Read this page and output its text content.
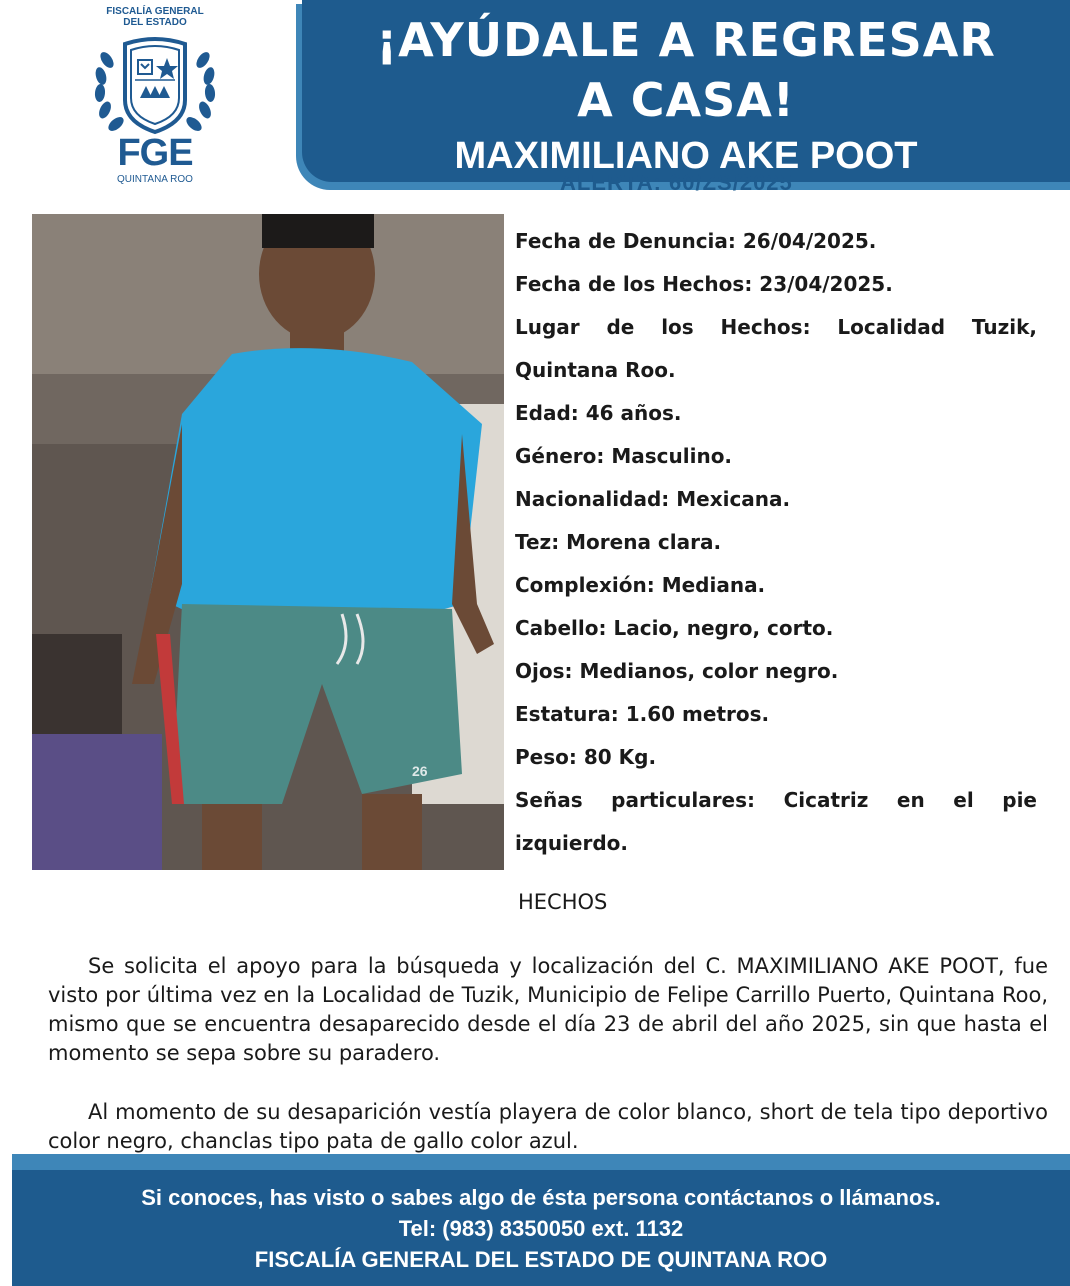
FISCALÍA GENERAL
DEL ESTADO
FGE
QUINTANA ROO
¡AYÚDALE A REGRESAR
A CASA!
MAXIMILIANO AKE POOT
ALERTA: 60/ZS/2025
26
Fecha de Denuncia: 26/04/2025.
Fecha de los Hechos: 23/04/2025.
Lugar de los Hechos: Localidad Tuzik,
Quintana Roo.
Edad: 46 años.
Género: Masculino.
Nacionalidad: Mexicana.
Tez: Morena clara.
Complexión: Mediana.
Cabello: Lacio, negro, corto.
Ojos: Medianos, color negro.
Estatura: 1.60 metros.
Peso: 80 Kg.
Señas particulares: Cicatriz en el pie
izquierdo.
HECHOS

Se solicita el apoyo para la búsqueda y localización del C. MAXIMILIANO AKE POOT, fue visto por última vez en la Localidad de Tuzik, Municipio de Felipe Carrillo Puerto, Quintana Roo, mismo que se encuentra desaparecido desde el día 23 de abril del año 2025, sin que hasta el momento se sepa sobre su paradero.

Al momento de su desaparición vestía playera de color blanco, short de tela tipo deportivo color negro, chanclas tipo pata de gallo color azul.

Si conoces, has visto o sabes algo de ésta persona contáctanos o llámanos.
Tel: (983) 8350050 ext. 1132
FISCALÍA GENERAL DEL ESTADO DE QUINTANA ROO
